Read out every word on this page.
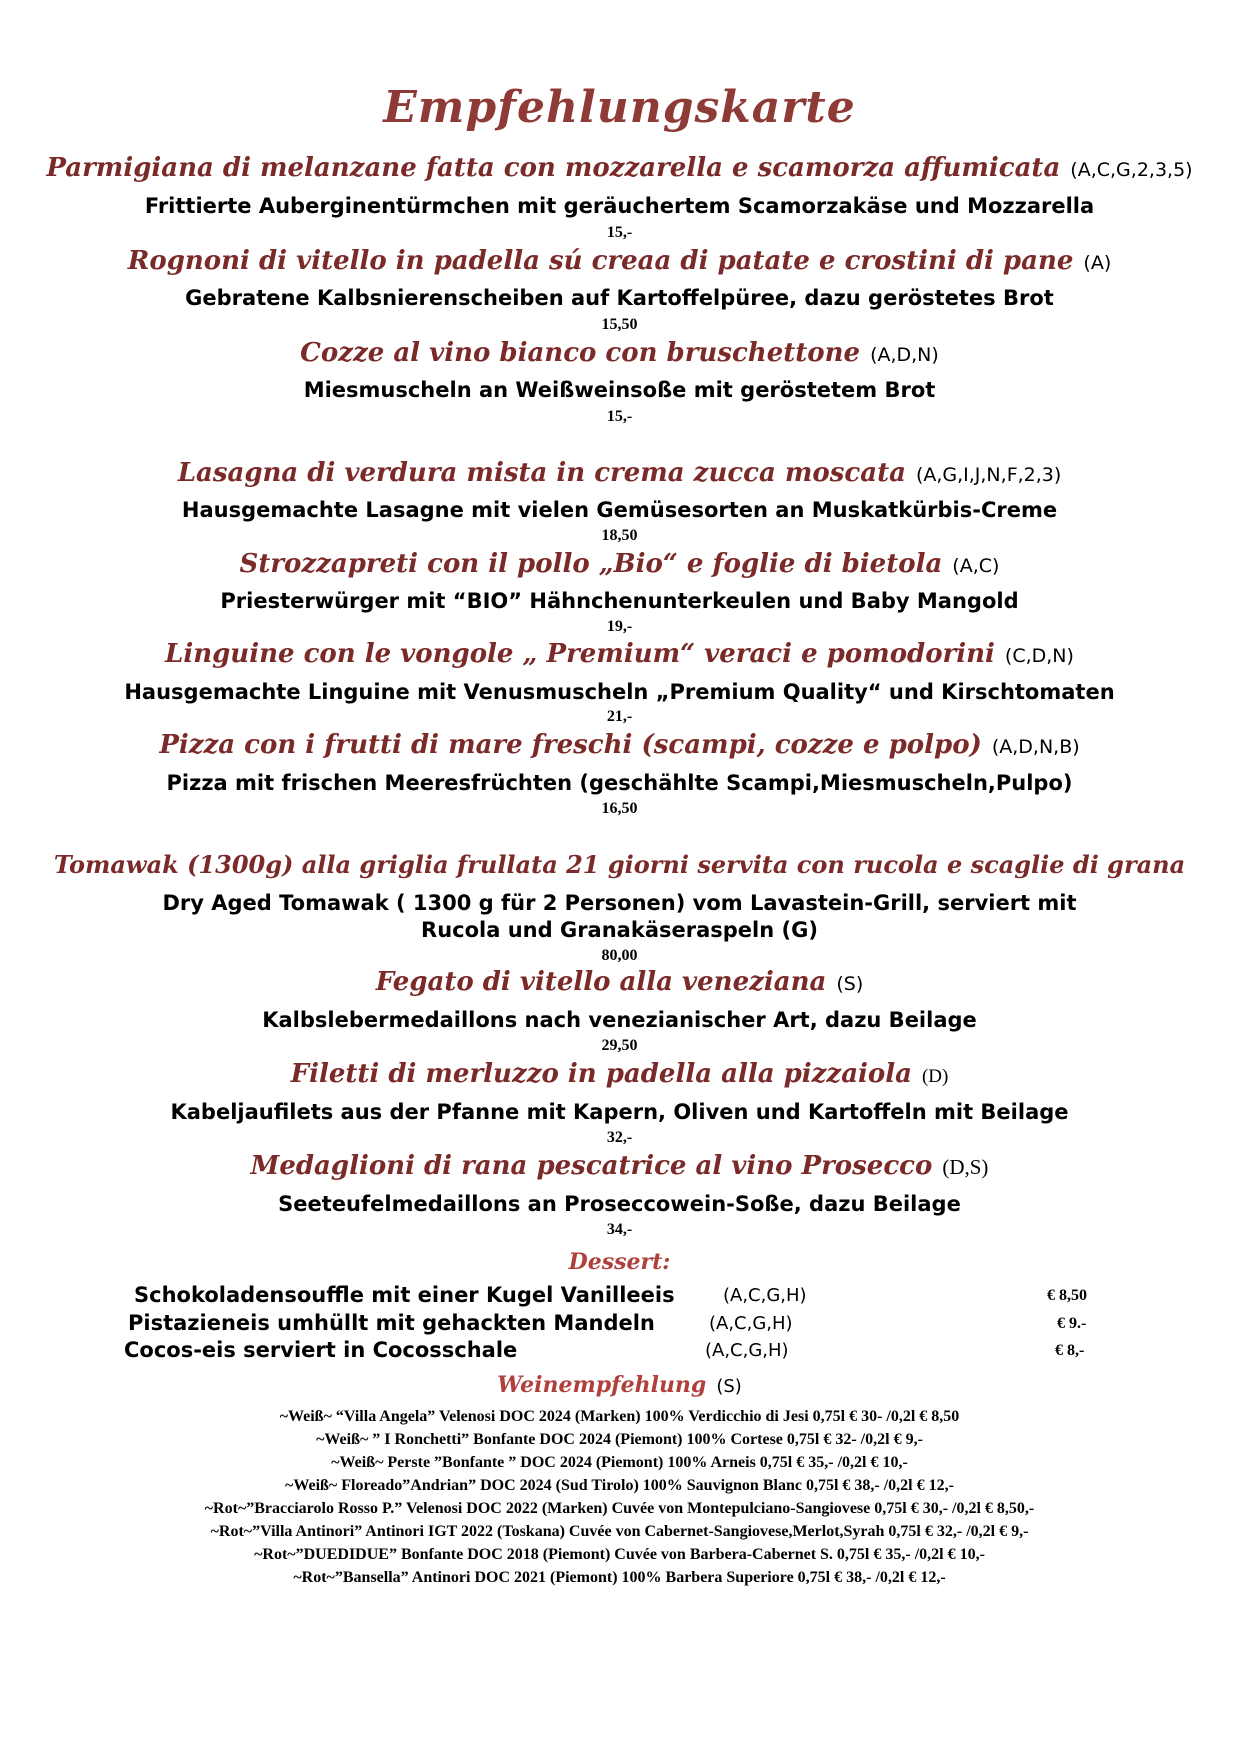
Empfehlungskarte
Parmigiana di melanzane fatta con mozzarella e scamorza affumicata (A,C,G,2,3,5)
Frittierte Auberginentürmchen mit geräuchertem Scamorzakäse und Mozzarella
15,-
Rognoni di vitello in padella sú creaa di patate e crostini di pane (A)
Gebratene Kalbsnierenscheiben auf Kartoffelpüree, dazu geröstetes Brot
15,50
Cozze al vino bianco con bruschettone (A,D,N)
Miesmuscheln an Weißweinsoße mit geröstetem Brot
15,-
Lasagna di verdura mista in crema zucca moscata (A,G,I,J,N,F,2,3)
Hausgemachte Lasagne mit vielen Gemüsesorten an Muskatkürbis-Creme
18,50
Strozzapreti con il pollo „Bio“ e foglie di bietola (A,C)
Priesterwürger mit “BIO” Hähnchenunterkeulen und Baby Mangold
19,-
Linguine con le vongole „ Premium“ veraci e pomodorini (C,D,N)
Hausgemachte Linguine mit Venusmuscheln „Premium Quality“ und Kirschtomaten
21,-
Pizza con i frutti di mare freschi (scampi, cozze e polpo) (A,D,N,B)
Pizza mit frischen Meeresfrüchten (geschählte Scampi,Miesmuscheln,Pulpo)
16,50
Tomawak (1300g) alla griglia frullata 21 giorni servita con rucola e scaglie di grana
Dry Aged Tomawak ( 1300 g für 2 Personen) vom Lavastein-Grill, serviert mit
Rucola und Granakäseraspeln (G)
80,00
Fegato di vitello alla veneziana (S)
Kalbslebermedaillons nach venezianischer Art, dazu Beilage
29,50
Filetti di merluzzo in padella alla pizzaiola (D)
Kabeljaufilets aus der Pfanne mit Kapern, Oliven und Kartoffeln mit Beilage
32,-
Medaglioni di rana pescatrice al vino Prosecco (D,S)
Seeteufelmedaillons an Proseccowein-Soße, dazu Beilage
34,-
Dessert:
Schokoladensouffle mit einer Kugel Vanilleeis	(A,C,G,H)	€ 8,50
Pistazieneis umhüllt mit gehackten Mandeln	(A,C,G,H)	€ 9.-
Cocos-eis serviert in Cocosschale	(A,C,G,H)	€ 8,-
Weinempfehlung (S)
~Weiß~ “Villa Angela” Velenosi DOC 2024 (Marken) 100% Verdicchio di Jesi 0,75l € 30- /0,2l € 8,50
~Weiß~ ” I Ronchetti” Bonfante DOC 2024 (Piemont) 100% Cortese 0,75l € 32- /0,2l € 9,-
~Weiß~ Perste ”Bonfante ” DOC 2024 (Piemont) 100% Arneis 0,75l € 35,- /0,2l € 10,-
~Weiß~ Floreado”Andrian” DOC 2024 (Sud Tirolo) 100% Sauvignon Blanc 0,75l € 38,- /0,2l € 12,-
~Rot~”Bracciarolo Rosso P.” Velenosi DOC 2022 (Marken) Cuvée von Montepulciano-Sangiovese 0,75l € 30,- /0,2l € 8,50,-
~Rot~”Villa Antinori” Antinori IGT 2022 (Toskana) Cuvée von Cabernet-Sangiovese,Merlot,Syrah 0,75l € 32,- /0,2l € 9,-
~Rot~”DUEDIDUE” Bonfante DOC 2018 (Piemont) Cuvée von Barbera-Cabernet S. 0,75l € 35,- /0,2l € 10,-
~Rot~”Bansella” Antinori DOC 2021 (Piemont) 100% Barbera Superiore 0,75l € 38,- /0,2l € 12,-
